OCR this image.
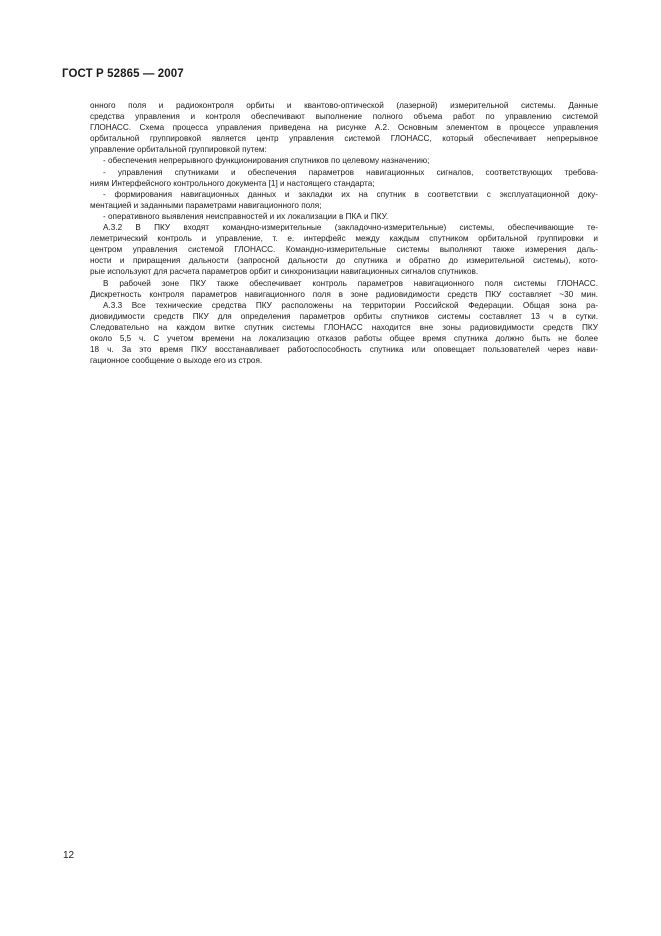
ГОСТ Р 52865 — 2007
онного поля и радиоконтроля орбиты и квантово-оптической (лазерной) измерительной системы. Данные
средства управления и контроля обеспечивают выполнение полного объема работ по управлению системой
ГЛОНАСС. Схема процесса управления приведена на рисунке А.2. Основным элементом в процессе управления
орбитальной группировкой является центр управления системой ГЛОНАСС, который обеспечивает непрерывное
управление орбитальной группировкой путем:
- обеспечения непрерывного функционирования спутников по целевому назначению;
- управления спутниками и обеспечения параметров навигационных сигналов, соответствующих требова-
ниям Интерфейсного контрольного документа [1] и настоящего стандарта;
- формирования навигационных данных и закладки их на спутник в соответствии с эксплуатационной доку-
ментацией и заданными параметрами навигационного поля;
- оперативного выявления неисправностей и их локализации в ПКА и ПКУ.
А.3.2 В ПКУ входят командно-измерительные (закладочно-измерительные) системы, обеспечивающие те-
леметрический контроль и управление, т. е. интерфейс между каждым спутником орбитальной группировки и
центром управления системой ГЛОНАСС. Командно-измерительные системы выполняют также измерения даль-
ности и приращения дальности (запросной дальности до спутника и обратно до измерительной системы), кото-
рые используют для расчета параметров орбит и синхронизации навигационных сигналов спутников.
В рабочей зоне ПКУ также обеспечивает контроль параметров навигационного поля системы ГЛОНАСС.
Дискретность контроля параметров навигационного поля в зоне радиовидимости средств ПКУ составляет ~30 мин.
А.3.3 Все технические средства ПКУ расположены на территории Российской Федерации. Общая зона ра-
диовидимости средств ПКУ для определения параметров орбиты спутников системы составляет 13 ч в сутки.
Следовательно на каждом витке спутник системы ГЛОНАСС находится вне зоны радиовидимости средств ПКУ
около 5,5 ч. С учетом времени на локализацию отказов работы общее время спутника должно быть не более
18 ч. За это время ПКУ восстанавливает работоспособность спутника или оповещает пользователей через нави-
гационное сообщение о выходе его из строя.
12
